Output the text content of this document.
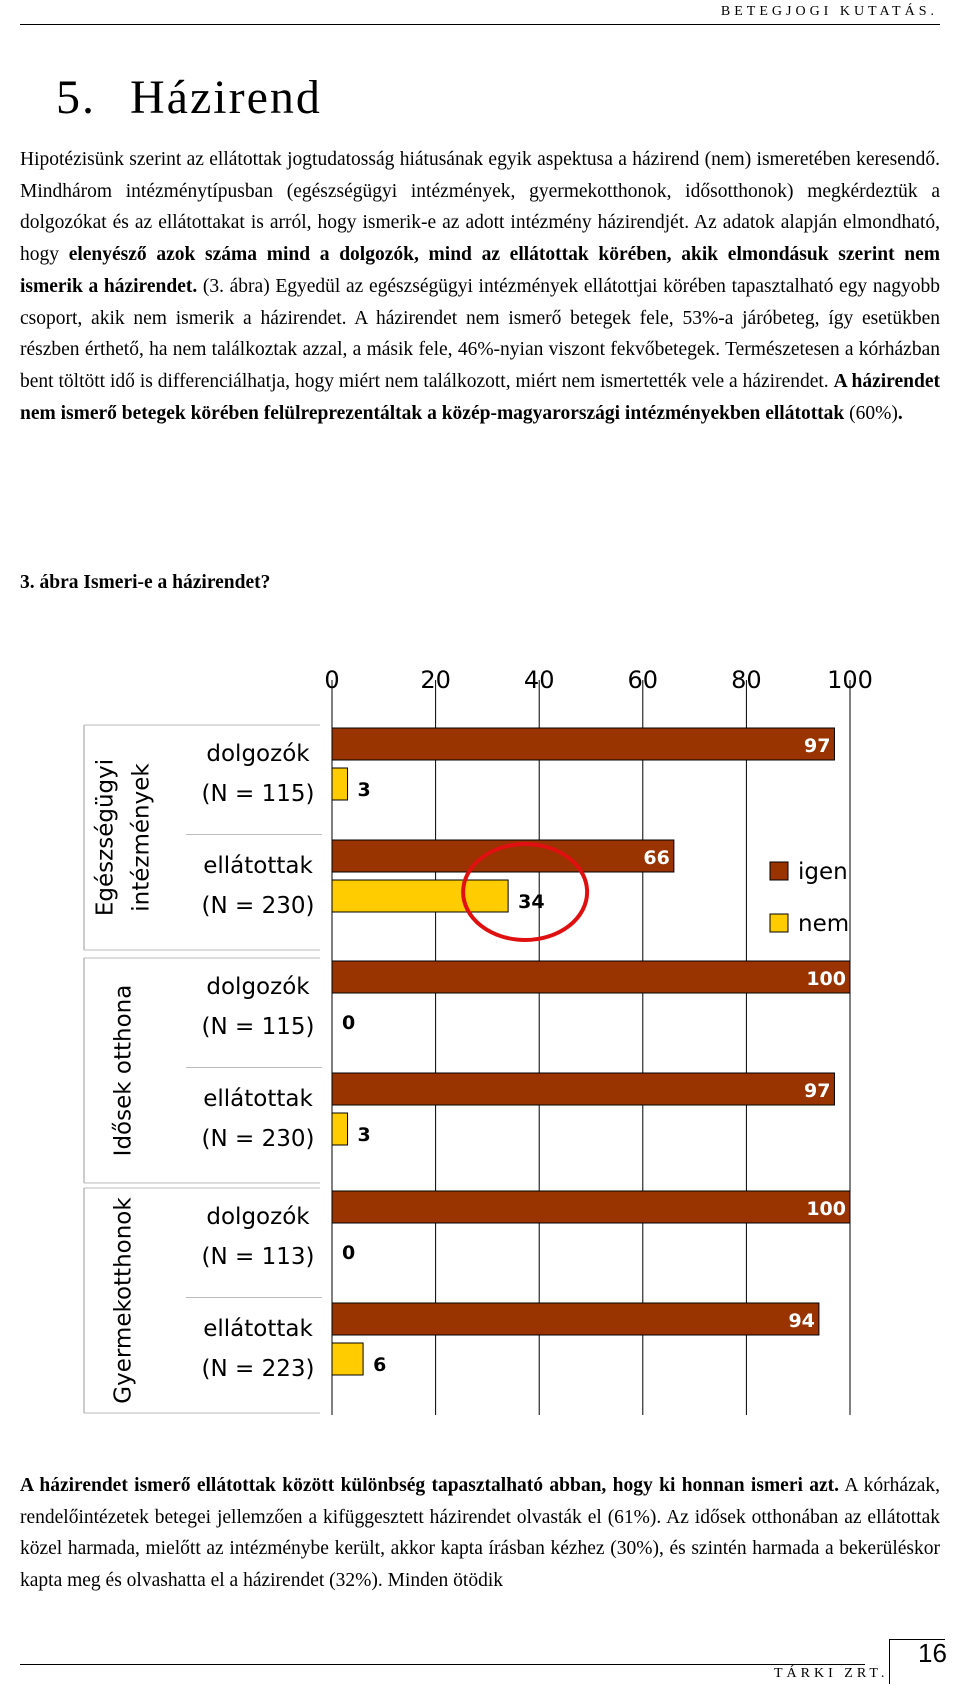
BETEGJOGI KUTATÁS.
5. Házirend

Hipotézisünk szerint az ellátottak jogtudatosság hiátusának egyik aspektusa a házirend (nem) ismeretében keresendő. Mindhárom intézménytípusban (egészségügyi intézmények, gyermekotthonok, idősotthonok) megkérdeztük a dolgozókat és az ellátottakat is arról, hogy ismerik-e az adott intézmény házirendjét. Az adatok alapján elmondható, hogy elenyésző azok száma mind a dolgozók, mind az ellátottak körében, akik elmondásuk szerint nem ismerik a házirendet. (3. ábra) Egyedül az egészségügyi intézmények ellátottjai körében tapasztalható egy nagyobb csoport, akik nem ismerik a házirendet. A házirendet nem ismerő betegek fele, 53%-a járóbeteg, így esetükben részben érthető, ha nem találkoztak azzal, a másik fele, 46%-nyian viszont fekvőbetegek. Természetesen a kórházban bent töltött idő is differenciálhatja, hogy miért nem találkozott, miért nem ismertették vele a házirendet. A házirendet nem ismerő betegek körében felülreprezentáltak a közép-magyarországi intézményekben ellátottak (60%).

3. ábra Ismeri-e a házirendet?

0	20	40	60	80	100
Egészségügyi intézmények
dolgozók
(N = 115)
97
3
ellátottak
(N = 230)
66
34
Idősek otthona	dolgozók
(N = 115)
100
0
ellátottak
(N = 230)
97
3
Gyermekotthonok	dolgozók
(N = 113)
100
0
ellátottak
(N = 223)
94
6
igen
nem

A házirendet ismerő ellátottak között különbség tapasztalható abban, hogy ki honnan ismeri azt. A kórházak, rendelőintézetek betegei jellemzően a kifüggesztett házirendet olvasták el (61%). Az idősek otthonában az ellátottak közel harmada, mielőtt az intézménybe került, akkor kapta írásban kézhez (30%), és szintén harmada a bekerüléskor kapta meg és olvashatta el a házirendet (32%). Minden ötödik

TÁRKI ZRT.
16
